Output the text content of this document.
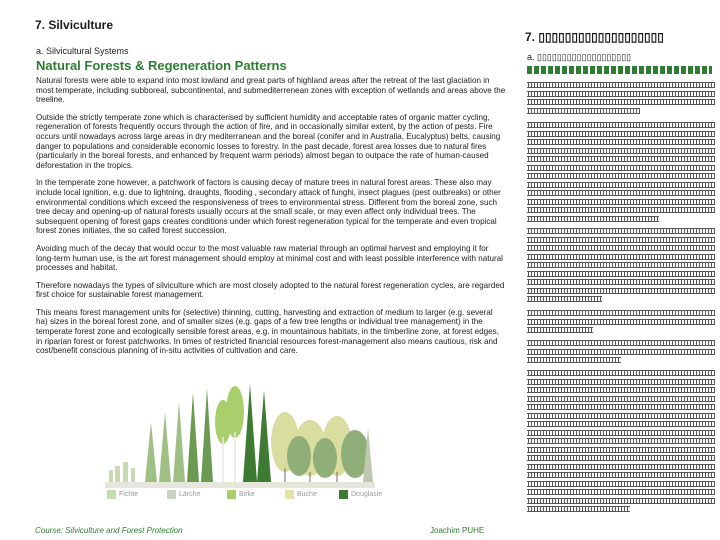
7. Silviculture
a. Silvicultural Systems
Natural Forests & Regeneration Patterns

Natural forests were able to expand into most lowland and great parts of highland areas after the retreat of the last glaciation in most temperate, including subboreal, subcontinental, and submediterrenean zones with exception of wetlands and areas above the treeline.

Outside the strictly temperate zone which is characterised by sufficient humidity and acceptable rates of organic matter cycling, regeneration of forests frequently occurs through the action of fire, and in occasionally similar extent, by the action of pests. Fire occurs until nowadays across large areas in dry mediterranean and the boreal (conifer and in Australia, Eucalyptus) belts, causing danger to populations and considerable economic losses to forestry. In the past decade, forest area losses due to natural fires (particularly in the boreal forests, and enhanced by frequent warm periods) almost began to outpace the rate of human-caused deforestation in the tropics.

In the temperate zone however, a patchwork of factors is causing decay of mature trees in natural forest areas. These also may include local ignition, e.g. due to lightning, draughts, flooding , secondary attack of funghi, insect plagues (pest outbreaks) or other environmental conditions which exceed the responsiveness of trees to environmental stress. Different from the boreal zone, such tree decay and opening-up of natural forests usually occurs at the small scale, or may even affect only individual trees. The subsequent opening of forest gaps creates conditions under which forest regeneration typical for the temperate and even tropical forest zones initiates, the so called forest succession.

Avoiding much of the decay that would occur to the most valuable raw material through an optimal harvest and employing it for long-term human use, is the art forest management should employ at minimal cost and with least possible interference with natural processes and habitat.

Therefore nowadays the types of silviculture which are most closely adopted to the natural forest regeneration cycles, are regarded first choice for sustainable forest management.

This means forest management units for (selective) thinning, cutting, harvesting and extraction of medium to larger (e.g. several ha) sizes in the boreal forest zone, and of smaller sizes (e.g. gaps of a few tree lengths or individual tree management) in the temperate forest zone and ecologically sensible forest areas, e.g. in mountainous habitats, in the timberline zone, at forest edges, in riparian forest or forest patchworks. In times of restricted financial resources forest-management also means cautious, risk and cost/benefit conscious planning of in-situ activities of cultivation and care.

Fichte	Lärche	Birke	Buche	Douglasie
Course: Silviculture and Forest Protection	Joachim PUHE
7. ▯▯▯▯▯▯▯▯▯▯▯▯▯▯▯▯▯▯▯
a. ▯▯▯▯▯▯▯▯▯▯▯▯▯▯▯▯▯▯▯
